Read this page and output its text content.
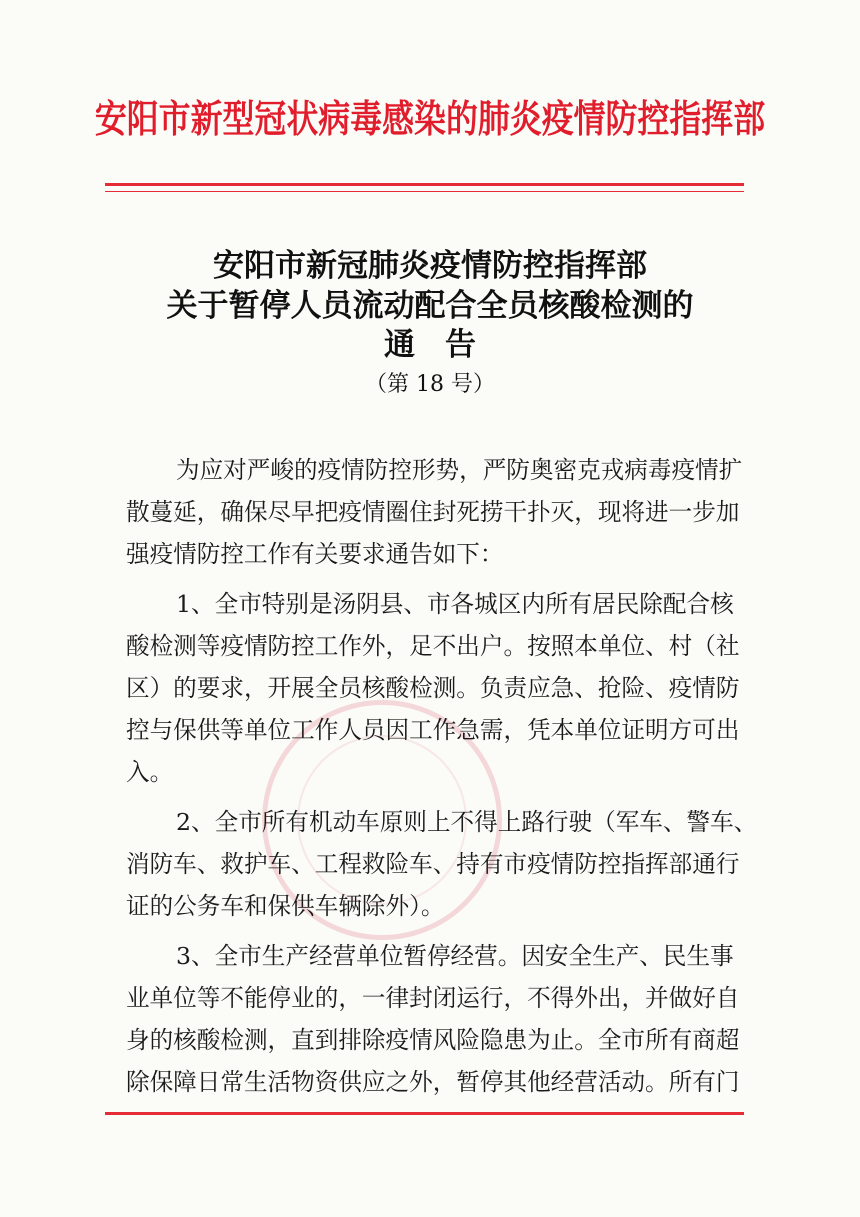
安阳市新型冠状病毒感染的肺炎疫情防控指挥部
安阳市新冠肺炎疫情防控指挥部
关于暂停人员流动配合全员核酸检测的
通告
（第 18 号）
为应对严峻的疫情防控形势，严防奥密克戎病毒疫情扩
散蔓延，确保尽早把疫情圈住封死捞干扑灭，现将进一步加
强疫情防控工作有关要求通告如下：
1、全市特别是汤阴县、市各城区内所有居民除配合核
酸检测等疫情防控工作外，足不出户。按照本单位、村（社
区）的要求，开展全员核酸检测。负责应急、抢险、疫情防
控与保供等单位工作人员因工作急需，凭本单位证明方可出
入。
2、全市所有机动车原则上不得上路行驶（军车、警车、
消防车、救护车、工程救险车、持有市疫情防控指挥部通行
证的公务车和保供车辆除外）。
3、全市生产经营单位暂停经营。因安全生产、民生事
业单位等不能停业的，一律封闭运行，不得外出，并做好自
身的核酸检测，直到排除疫情风险隐患为止。全市所有商超
除保障日常生活物资供应之外，暂停其他经营活动。所有门
